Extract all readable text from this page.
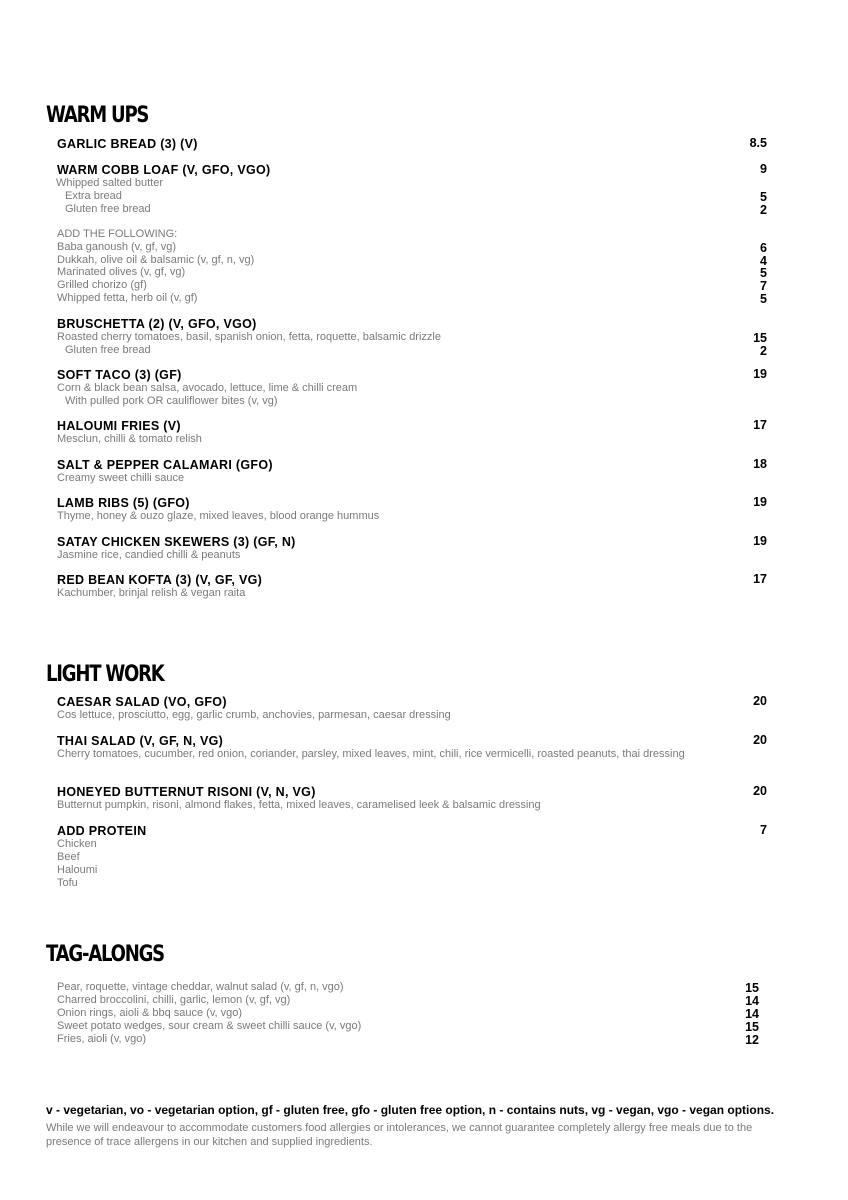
WARM UPS
GARLIC BREAD (3) (V)	8.5
WARM COBB LOAF (V, GFO, VGO)	9
Whipped salted butter
Extra bread	5
Gluten free bread	2
ADD THE FOLLOWING:
Baba ganoush (v, gf, vg)	6
Dukkah, olive oil & balsamic (v, gf, n, vg)	4
Marinated olives (v, gf, vg)	5
Grilled chorizo (gf)	7
Whipped fetta, herb oil (v, gf)	5
BRUSCHETTA (2) (V, GFO, VGO)
Roasted cherry tomatoes, basil, spanish onion, fetta, roquette, balsamic drizzle	15
Gluten free bread	2
SOFT TACO (3) (GF)	19
Corn & black bean salsa, avocado, lettuce, lime & chilli cream
With pulled pork OR cauliflower bites (v, vg)
HALOUMI FRIES (V)	17
Mesclun, chilli & tomato relish
SALT & PEPPER CALAMARI (GFO)	18
Creamy sweet chilli sauce
LAMB RIBS (5) (GFO)	19
Thyme, honey & ouzo glaze, mixed leaves, blood orange hummus
SATAY CHICKEN SKEWERS (3) (GF, N)	19
Jasmine rice, candied chilli & peanuts
RED BEAN KOFTA (3) (V, GF, VG)	17
Kachumber, brinjal relish & vegan raita
LIGHT WORK
CAESAR SALAD (VO, GFO)	20
Cos lettuce, prosciutto, egg, garlic crumb, anchovies, parmesan, caesar dressing
THAI SALAD (V, GF, N, VG)	20
Cherry tomatoes, cucumber, red onion, coriander, parsley, mixed leaves, mint, chili, rice vermicelli, roasted peanuts, thai dressing
HONEYED BUTTERNUT RISONI (V, N, VG)	20
Butternut pumpkin, risoni, almond flakes, fetta, mixed leaves, caramelised leek & balsamic dressing
ADD PROTEIN	7
Chicken
Beef
Haloumi
Tofu
TAG-ALONGS
Pear, roquette, vintage cheddar, walnut salad (v, gf, n, vgo)	15
Charred broccolini, chilli, garlic, lemon (v, gf, vg)	14
Onion rings, aioli & bbq sauce (v, vgo)	14
Sweet potato wedges, sour cream & sweet chilli sauce (v, vgo)	15
Fries, aioli (v, vgo)	12
v - vegetarian, vo - vegetarian option, gf - gluten free, gfo - gluten free option, n - contains nuts, vg - vegan, vgo - vegan options.
While we will endeavour to accommodate customers food allergies or intolerances, we cannot guarantee completely allergy free meals due to the presence of trace allergens in our kitchen and supplied ingredients.
